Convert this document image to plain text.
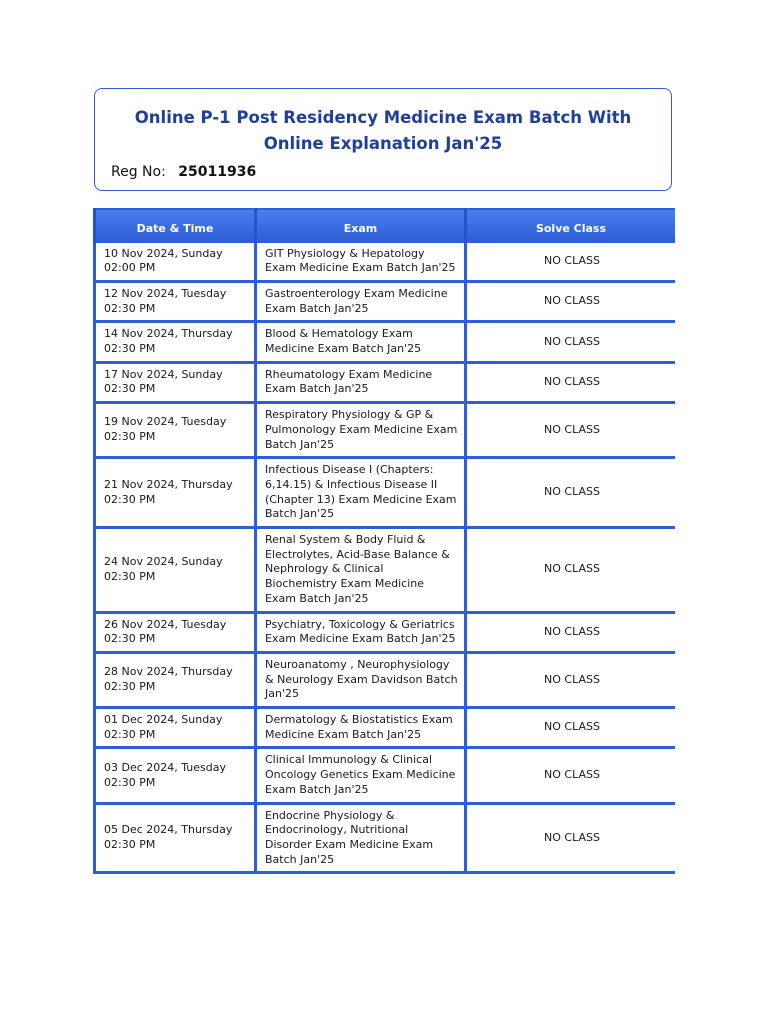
Online P-1 Post Residency Medicine Exam Batch With Online Explanation Jan'25
Reg No: 25011936
Date & Time	Exam	Solve Class

10 Nov 2024, Sunday
02:00 PM	GIT Physiology & Hepatology Exam Medicine Exam Batch Jan'25	NO CLASS

12 Nov 2024, Tuesday
02:30 PM	Gastroenterology Exam Medicine Exam Batch Jan'25	NO CLASS

14 Nov 2024, Thursday
02:30 PM	Blood & Hematology Exam Medicine Exam Batch Jan'25	NO CLASS

17 Nov 2024, Sunday
02:30 PM	Rheumatology Exam Medicine Exam Batch Jan'25	NO CLASS

19 Nov 2024, Tuesday
02:30 PM	Respiratory Physiology & GP & Pulmonology Exam Medicine Exam Batch Jan'25	NO CLASS

21 Nov 2024, Thursday
02:30 PM	Infectious Disease I (Chapters: 6,14.15) & Infectious Disease II (Chapter 13) Exam Medicine Exam Batch Jan'25	NO CLASS

24 Nov 2024, Sunday
02:30 PM	Renal System & Body Fluid & Electrolytes, Acid-Base Balance & Nephrology & Clinical Biochemistry Exam Medicine Exam Batch Jan'25	NO CLASS

26 Nov 2024, Tuesday
02:30 PM	Psychiatry, Toxicology & Geriatrics Exam Medicine Exam Batch Jan'25	NO CLASS

28 Nov 2024, Thursday
02:30 PM	Neuroanatomy , Neurophysiology & Neurology Exam Davidson Batch Jan'25	NO CLASS

01 Dec 2024, Sunday
02:30 PM	Dermatology & Biostatistics Exam Medicine Exam Batch Jan'25	NO CLASS

03 Dec 2024, Tuesday
02:30 PM	Clinical Immunology & Clinical Oncology Genetics Exam Medicine Exam Batch Jan'25	NO CLASS

05 Dec 2024, Thursday
02:30 PM	Endocrine Physiology & Endocrinology, Nutritional Disorder Exam Medicine Exam Batch Jan'25	NO CLASS
